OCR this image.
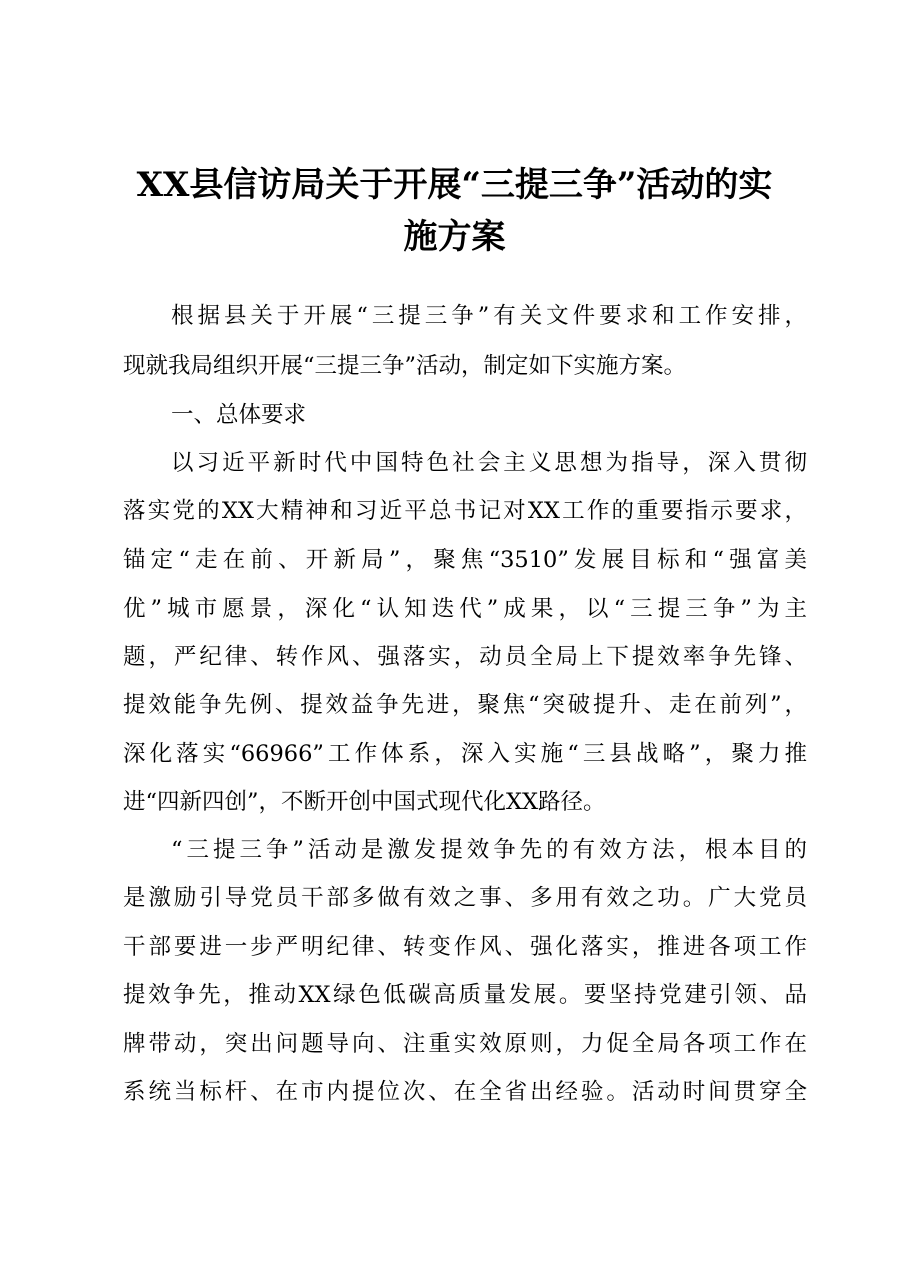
XX县信访局关于开展“三提三争”活动的实
施方案
根据县关于开展“三提三争”有关文件要求和工作安排，
现就我局组织开展“三提三争”活动，制定如下实施方案。
一、总体要求
以习近平新时代中国特色社会主义思想为指导，深入贯彻
落实党的XX大精神和习近平总书记对XX工作的重要指示要求，
锚定“走在前、开新局”，聚焦“3510”发展目标和“强富美
优”城市愿景，深化“认知迭代”成果，以“三提三争”为主
题，严纪律、转作风、强落实，动员全局上下提效率争先锋、
提效能争先例、提效益争先进，聚焦“突破提升、走在前列”，
深化落实“66966”工作体系，深入实施“三县战略”，聚力推
进“四新四创”，不断开创中国式现代化XX路径。
“三提三争”活动是激发提效争先的有效方法，根本目的
是激励引导党员干部多做有效之事、多用有效之功。广大党员
干部要进一步严明纪律、转变作风、强化落实，推进各项工作
提效争先，推动XX绿色低碳高质量发展。要坚持党建引领、品
牌带动，突出问题导向、注重实效原则，力促全局各项工作在
系统当标杆、在市内提位次、在全省出经验。活动时间贯穿全
